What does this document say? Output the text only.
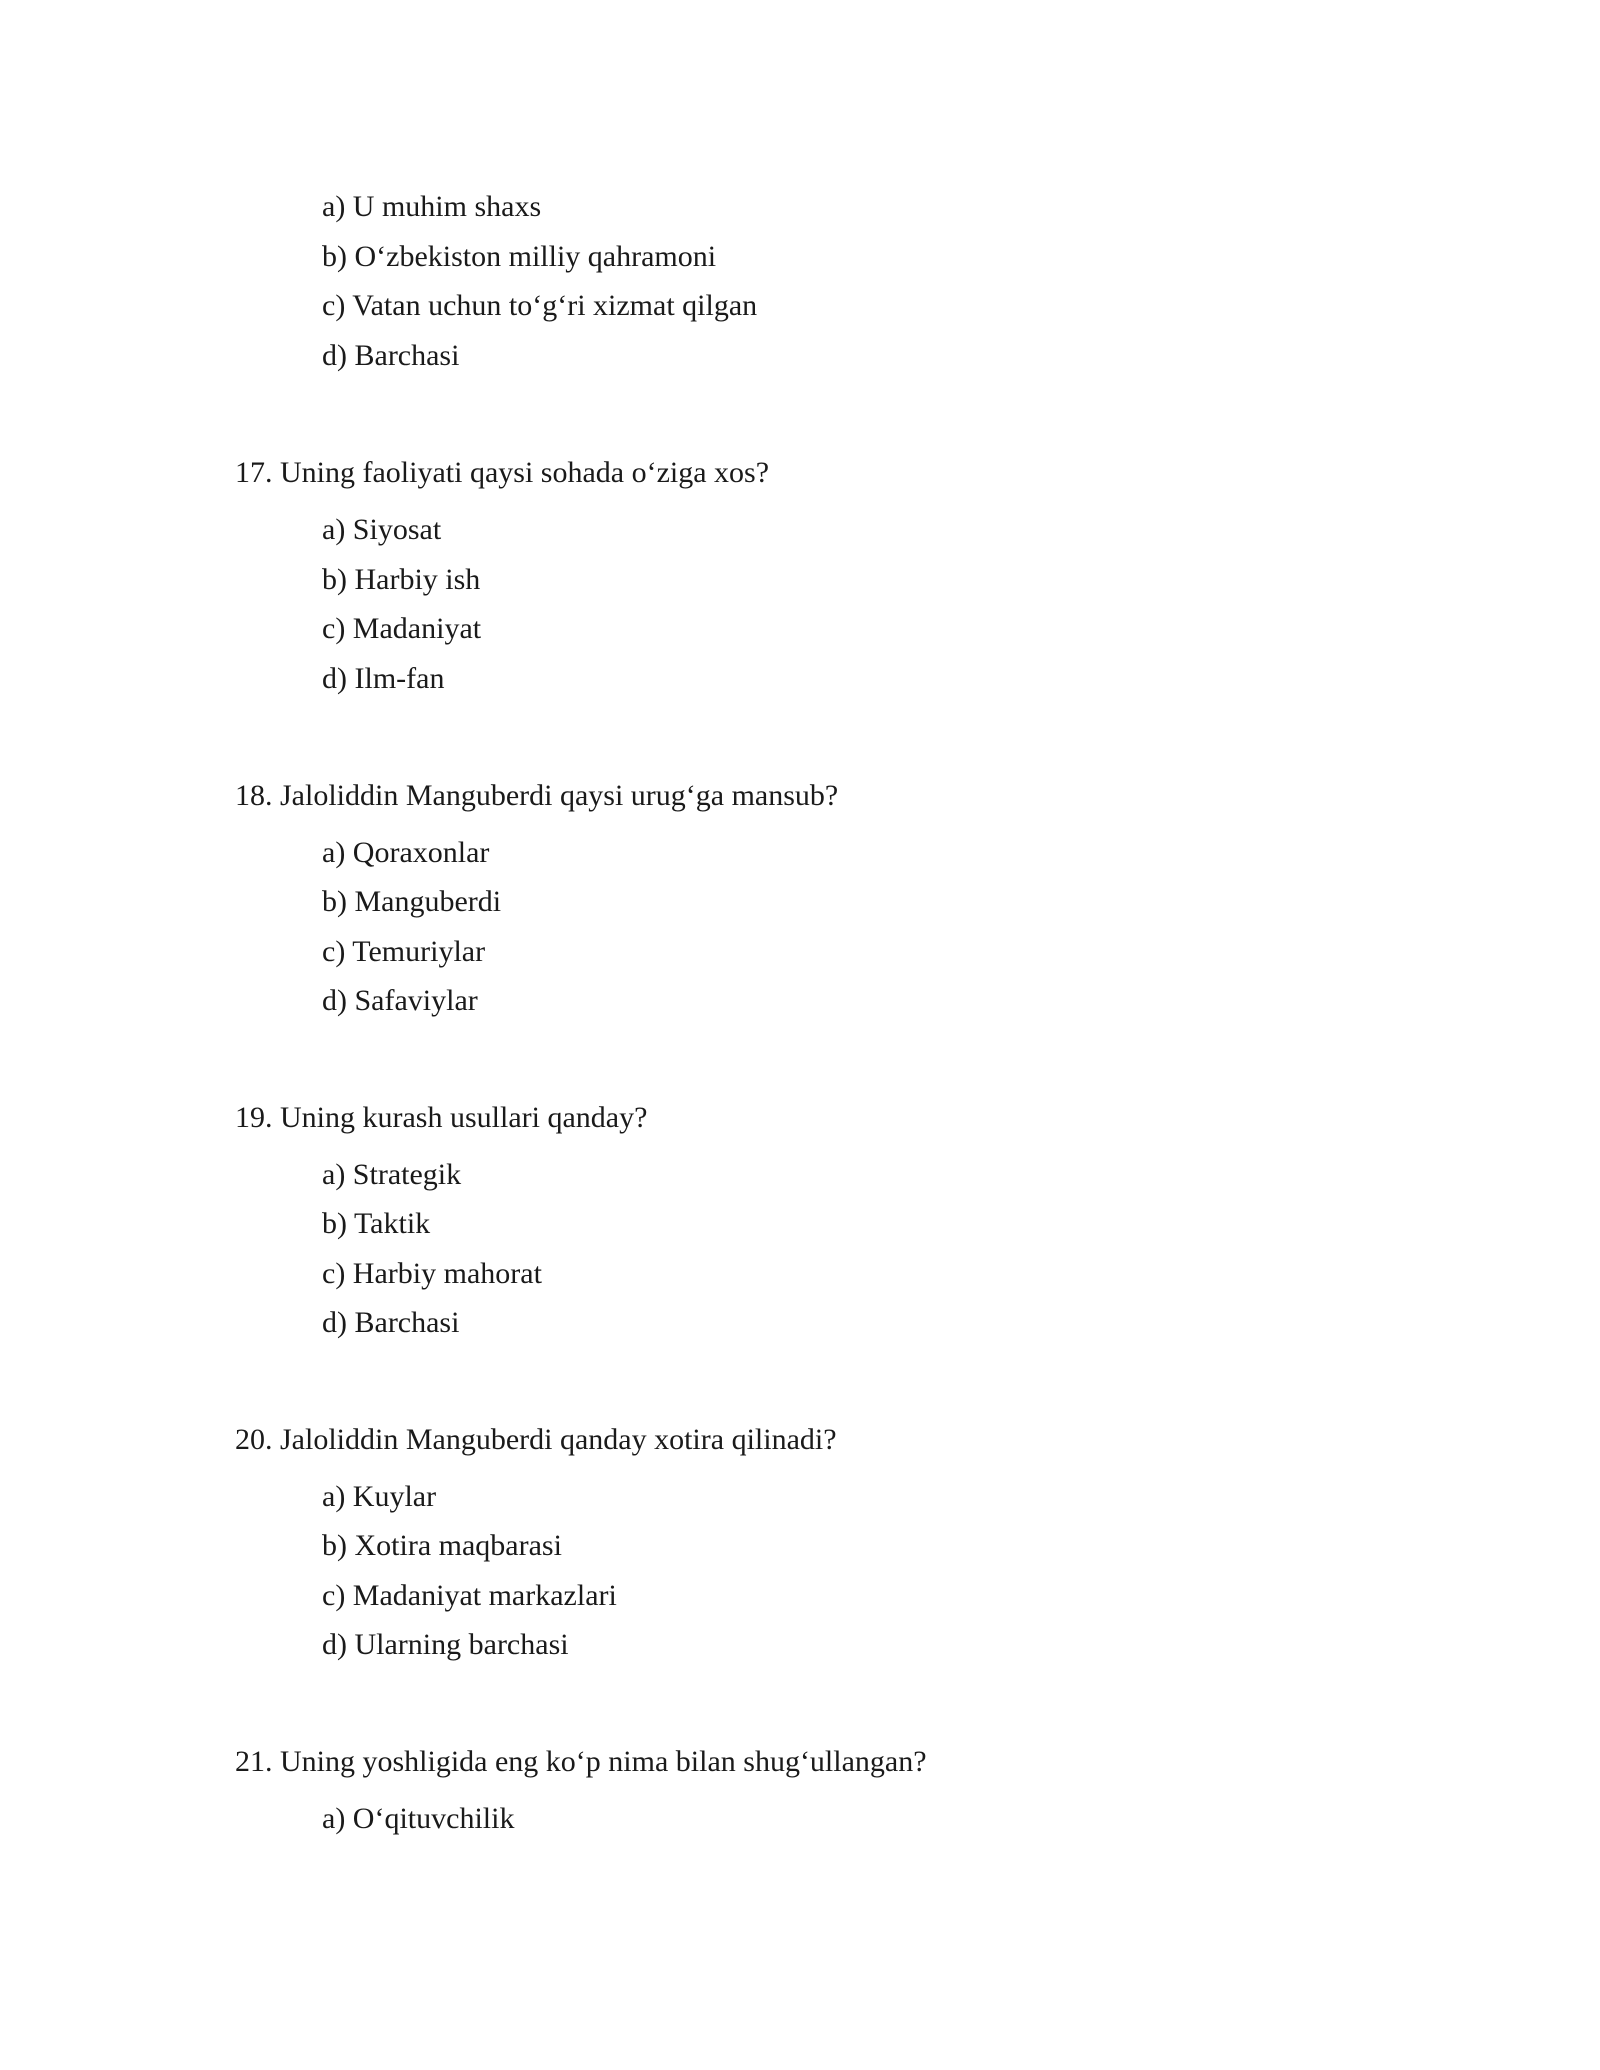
a) U muhim shaxs
b) O‘zbekiston milliy qahramoni
c) Vatan uchun to‘g‘ri xizmat qilgan
d) Barchasi
17. Uning faoliyati qaysi sohada o‘ziga xos?
a) Siyosat
b) Harbiy ish
c) Madaniyat
d) Ilm-fan
18. Jaloliddin Manguberdi qaysi urug‘ga mansub?
a) Qoraxonlar
b) Manguberdi
c) Temuriylar
d) Safaviylar
19. Uning kurash usullari qanday?
a) Strategik
b) Taktik
c) Harbiy mahorat
d) Barchasi
20. Jaloliddin Manguberdi qanday xotira qilinadi?
a) Kuylar
b) Xotira maqbarasi
c) Madaniyat markazlari
d) Ularning barchasi
21. Uning yoshligida eng ko‘p nima bilan shug‘ullangan?
a) O‘qituvchilik
